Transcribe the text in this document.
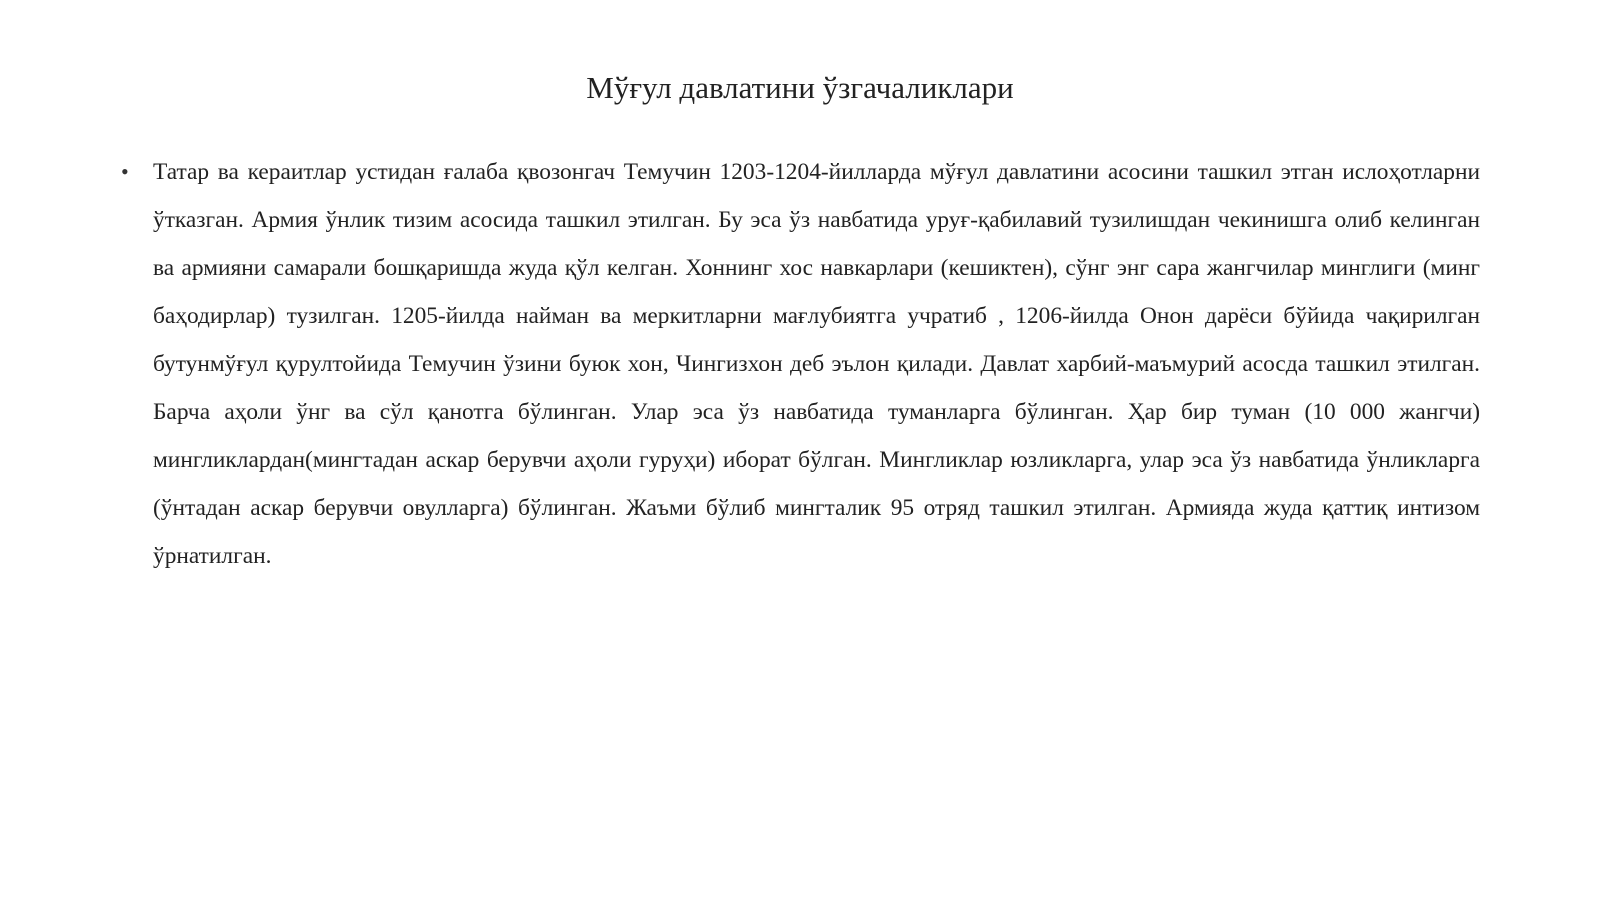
Мўғул давлатини ўзгачаликлари
• Татар ва кераитлар устидан ғалаба қвозонгач Темучин 1203-1204-йилларда мўғул давлатини асосини ташкил этган ислоҳотларни ўтказган. Армия ўнлик тизим асосида ташкил этилган. Бу эса ўз навбатида уруғ-қабилавий тузилишдан чекинишга олиб келинган ва армияни самарали бошқаришда жуда қўл келган. Хоннинг хос навкарлари (кешиктен), сўнг энг сара жангчилар минглиги (минг баҳодирлар) тузилган. 1205-йилда найман ва меркитларни мағлубиятга учратиб , 1206-йилда Онон дарёси бўйида чақирилган бутунмўғул қурултойида Темучин ўзини буюк хон, Чингизхон деб эълон қилади. Давлат харбий-маъмурий асосда ташкил этилган. Барча аҳоли ўнг ва сўл қанотга бўлинган. Улар эса ўз навбатида туманларга бўлинган. Ҳар бир туман (10 000 жангчи) мингликлардан(мингтадан аскар берувчи аҳоли гуруҳи) иборат бўлган. Мингликлар юзликларга, улар эса ўз навбатида ўнликларга (ўнтадан аскар берувчи овулларга) бўлинган. Жаъми бўлиб мингталик 95 отряд ташкил этилган. Армияда жуда қаттиқ интизом ўрнатилган.
